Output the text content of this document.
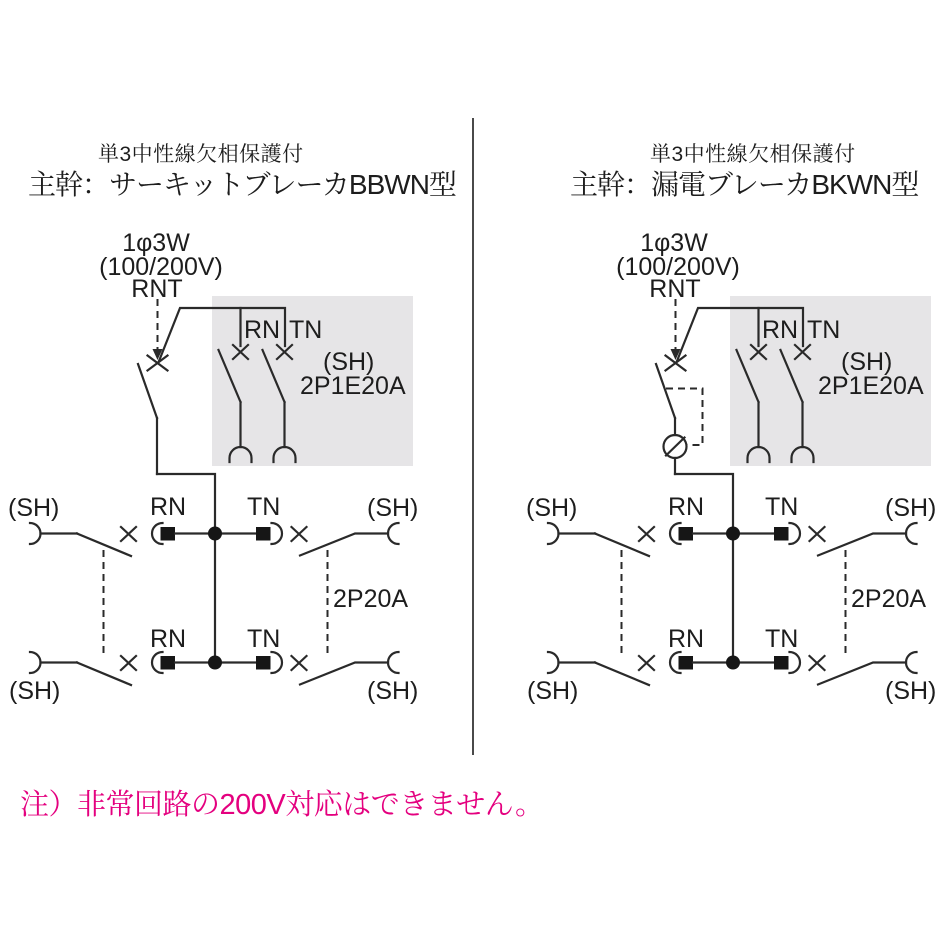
単3中性線欠相保護付
主幹：サーキットブレーカBBWN型
1φ3W
(100/200V)
RNT
RN TN
(SH)
2P1E20A
RN TN
(SH)	(SH)
2P20A
RN TN
(SH)	(SH)
単3中性線欠相保護付
主幹：漏電ブレーカBKWN型
1φ3W
(100/200V)
RNT
RN TN
(SH)
2P1E20A
RN TN
(SH)	(SH)
2P20A
RN TN
(SH)	(SH)
注）非常回路の200V対応はできません。
